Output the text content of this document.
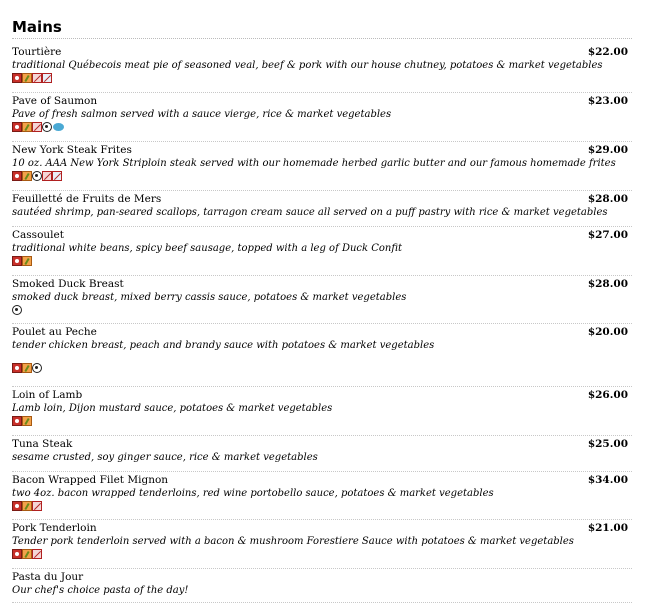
Mains
Tourtière	$22.00
traditional Québecois meat pie of seasoned veal, beef & pork with our house chutney, potatoes & market vegetables
Pave of Saumon	$23.00
Pave of fresh salmon served with a sauce vierge, rice & market vegetables
New York Steak Frites	$29.00
10 oz. AAA New York Striploin steak served with our homemade herbed garlic butter and our famous homemade frites
Feuilletté de Fruits de Mers	$28.00
sautéed shrimp, pan-seared scallops, tarragon cream sauce all served on a puff pastry with rice & market vegetables
Cassoulet	$27.00
traditional white beans, spicy beef sausage, topped with a leg of Duck Confit
Smoked Duck Breast	$28.00
smoked duck breast, mixed berry cassis sauce, potatoes & market vegetables
Poulet au Peche	$20.00
tender chicken breast, peach and brandy sauce with potatoes & market vegetables
Loin of Lamb	$26.00
Lamb loin, Dijon mustard sauce, potatoes & market vegetables
Tuna Steak	$25.00
sesame crusted, soy ginger sauce, rice & market vegetables
Bacon Wrapped Filet Mignon	$34.00
two 4oz. bacon wrapped tenderloins, red wine portobello sauce, potatoes & market vegetables
Pork Tenderloin	$21.00
Tender pork tenderloin served with a bacon & mushroom Forestiere Sauce with potatoes & market vegetables
Pasta du Jour
Our chef's choice pasta of the day!
